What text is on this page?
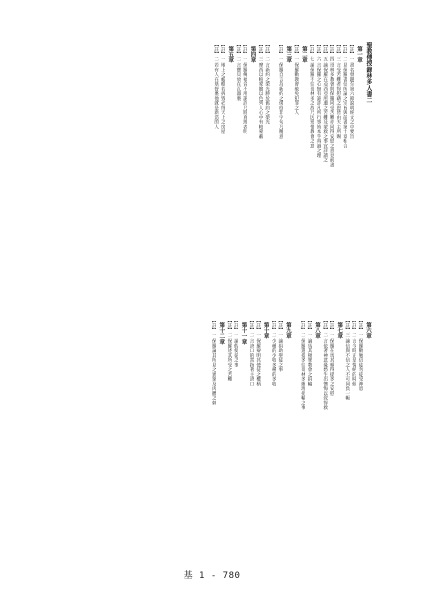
聖教傳授錄林多人書二
第一章
【註】一 書名發題至第六節說明經文之中要旨
【註】二 見保羅書信所論之宗旨與前書第十章相合
【註】三 言受苦難者得慰藉之恩皆由天主所賜
【註】四 哥林多教會與保羅同受苦難亦同得安慰之意見前書
【註】五 論保羅在亞西亞所遭之苦難及蒙救之事宜詳讀之
【註】六 言保羅之心無有詭詐凡所行事皆本乎真誠之理
【註】七 論保羅不往哥林多之故乃因愛惜教會之意
第二章
【註】一 保羅勸教會赦免犯罪之人
第三章
【註】一 保羅自言為新約之僕役非字句乃精意
【註】二 言新約之榮光勝於舊約之榮光
【註】三 摩西以帕蒙臉以色列人心中有帕蒙蔽
第四章
【註】一 保羅傳福音不用詭詐乃將真理表明
【註】二 言寶貝放在瓦器裏
第五章
【註】一 地上之帳棚若拆毀必得天上之房屋
【註】二 若有人在基督裏他就是新造的人
第六章
【註】一 保羅勸勉信徒勿徒受神恩
【註】二 言今時正是悅納的時候
【註】三 論信與不信之人不可同負一軛
第七章
【註】一 保羅在馬其頓得提多之安慰
【註】二 言依著神意憂愁生出懊悔以致得救
第八章
【註】一 論馬其頓眾教會之捐輸
【註】二 保羅遣提多往哥林多辦理捐輸之事
第九章
【註】一 論捐助聖徒之事
【註】二 少種的少收多種的多收
第十章
【註】一 保羅辯明其使徒之權柄
【註】二 言誇口的當指著主誇口
第十一章
【註】一 論假使徒之事
【註】二 保羅述其所受之苦難
第十二章
【註】一 保羅論其所見之異象及肉體之刺
基 1 - 780
